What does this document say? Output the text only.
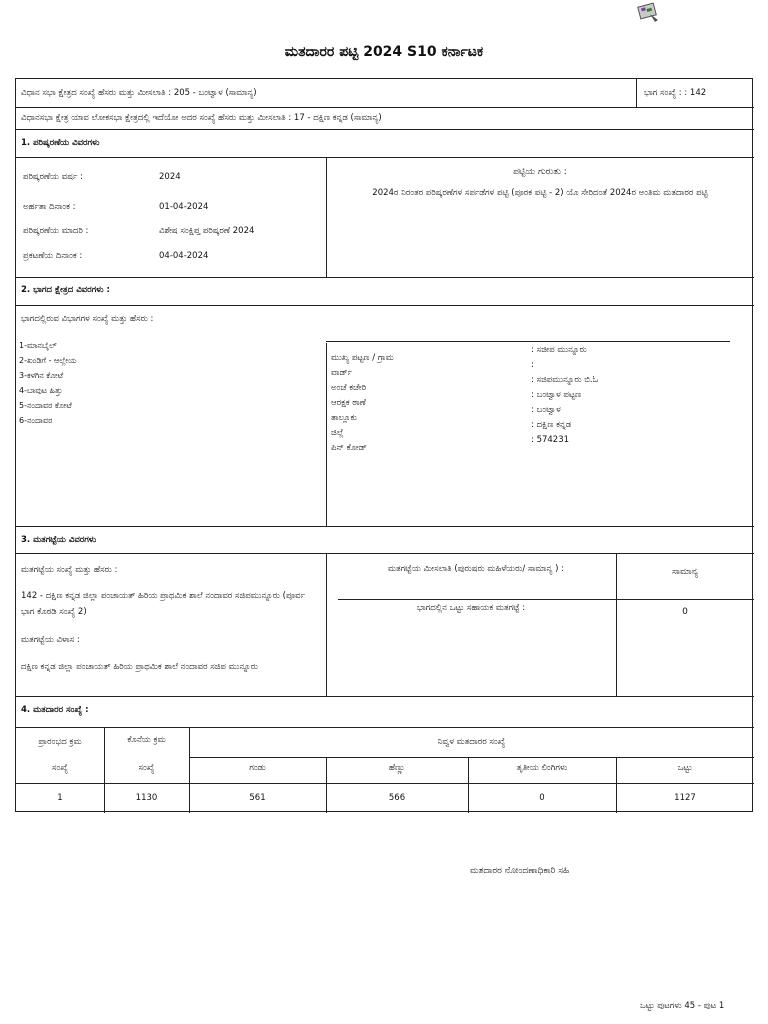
ಮತದಾರರ ಪಟ್ಟಿ 2024 S10 ಕರ್ನಾಟಕ
ವಿಧಾನ ಸಭಾ ಕ್ಷೇತ್ರದ ಸಂಖ್ಯೆ ಹೆಸರು ಮತ್ತು ಮೀಸಲಾತಿ : 205 - ಬಂಟ್ವಾಳ (ಸಾಮಾನ್ಯ)	ಭಾಗ ಸಂಖ್ಯೆ : : 142
ವಿಧಾನಸಭಾ ಕ್ಷೇತ್ರ ಯಾವ ಲೋಕಸಭಾ ಕ್ಷೇತ್ರದಲ್ಲಿ ಇದೆಯೋ ಅದರ ಸಂಖ್ಯೆ ಹೆಸರು ಮತ್ತು ಮೀಸಲಾತಿ : 17 - ದಕ್ಷಿಣ ಕನ್ನಡ (ಸಾಮಾನ್ಯ)
1. ಪರಿಷ್ಕರಣೆಯ ವಿವರಗಳು
ಪರಿಷ್ಕರಣೆಯ ವರ್ಷ :	2024
ಅರ್ಹತಾ ದಿನಾಂಕ :	01-04-2024
ಪರಿಷ್ಕರಣೆಯ ಮಾದರಿ :	ವಿಶೇಷ ಸಂಕ್ಷಿಪ್ತ ಪರಿಷ್ಕರಣೆ 2024
ಪ್ರಕಟಣೆಯ ದಿನಾಂಕ :	04-04-2024
ಪಟ್ಟಿಯ ಗುರುತು :
2024ರ ನಿರಂತರ ಪರಿಷ್ಕರಣೆಗಳ ಸರ್ಪಡೆಗಳ ಪಟ್ಟಿ (ಪೂರಕ ಪಟ್ಟಿ - 2) ಯೊ ಸೇರಿದಂತೆ 2024ರ ಅಂತಿಮ ಮತದಾರರ ಪಟ್ಟಿ
2. ಭಾಗದ ಕ್ಷೇತ್ರದ ವಿವರಗಳು :
ಭಾಗದಲ್ಲಿರುವ ವಿಭಾಗಗಳ ಸಂಖ್ಯೆ ಮತ್ತು ಹೆಸರು :
1-ಮಾನಬೈಲ್
2-ಖಂಡಿಗೆ - ಆಲ್ಲೇಯ
3-ಕಳಗಿನ ಕೋಟೆ
4-ಬಾವುಟ ಹಿತ್ತು
5-ನಂದಾವರ ಕೋಟೆ
6-ನಂದಾವರ
ಮುಖ್ಯ ಪಟ್ಟಣ / ಗ್ರಾಮ
: ಸಜೀಪ ಮುನ್ನೂರು
ವಾರ್ಡ್
:
ಅಂಚೆ ಕಚೇರಿ
: ಸಜಿಪಮುನ್ನೂರು ಬಿ.ಓ
ಆರಕ್ಷಕ ಠಾಣೆ
: ಬಂಟ್ವಾಳ ಪಟ್ಟಣ
ತಾಲ್ಲೂಕು
: ಬಂಟ್ವಾಳ
ಜಿಲ್ಲೆ
: ದಕ್ಷಿಣ ಕನ್ನಡ
ಪಿನ್ ಕೋಡ್
: 574231
3. ಮತಗಟ್ಟೆಯ ವಿವರಗಳು
ಮತಗಟ್ಟೆಯ ಸಂಖ್ಯೆ ಮತ್ತು ಹೆಸರು :
142 - ದಕ್ಷಿಣ ಕನ್ನಡ ಜಿಲ್ಲಾ ಪಂಚಾಯತ್ ಹಿರಿಯ ಪ್ರಾಥಮಿಕ ಶಾಲೆ ನಂದಾವರ ಸಜಿಪಮುನ್ನೂರು (ಪೂರ್ವ ಭಾಗ ಕೊಠಡಿ ಸಂಖ್ಯೆ 2)
ಮತಗಟ್ಟೆಯ ವಿಳಾಸ :
ದಕ್ಷಿಣ ಕನ್ನಡ ಜಿಲ್ಲಾ ಪಂಚಾಯತ್ ಹಿರಿಯ ಪ್ರಾಥಮಿಕ ಶಾಲೆ ನಂದಾವರ ಸಜಿಪ ಮುನ್ನೂರು
ಮತಗಟ್ಟೆಯ ಮೀಸಲಾತಿ (ಪುರುಷರು ಮಹಿಳೆಯರು/ ಸಾಮಾನ್ಯ ) :	ಸಾಮಾನ್ಯ
ಭಾಗದಲ್ಲಿನ ಒಟ್ಟು ಸಹಾಯಕ ಮತಗಟ್ಟೆ :	0
4. ಮತದಾರರ ಸಂಖ್ಯೆ :
ಪ್ರಾರಂಭದ ಕ್ರಮ
ಸಂಖ್ಯೆ
ಕೊನೆಯ ಕ್ರಮ
ಸಂಖ್ಯೆ
ನಿವ್ವಳ ಮತದಾರರ ಸಂಖ್ಯೆ
ಗಂಡು	ಹೆಣ್ಣು	ತೃತೀಯ ಲಿಂಗಿಗಳು	ಒಟ್ಟು
1	1130	561	566	0	1127
ಮತದಾರರ ನೋಂದಣಾಧಿಕಾರಿ ಸಹಿ
ಒಟ್ಟು ಪುಟಗಳು 45 - ಪುಟ 1
